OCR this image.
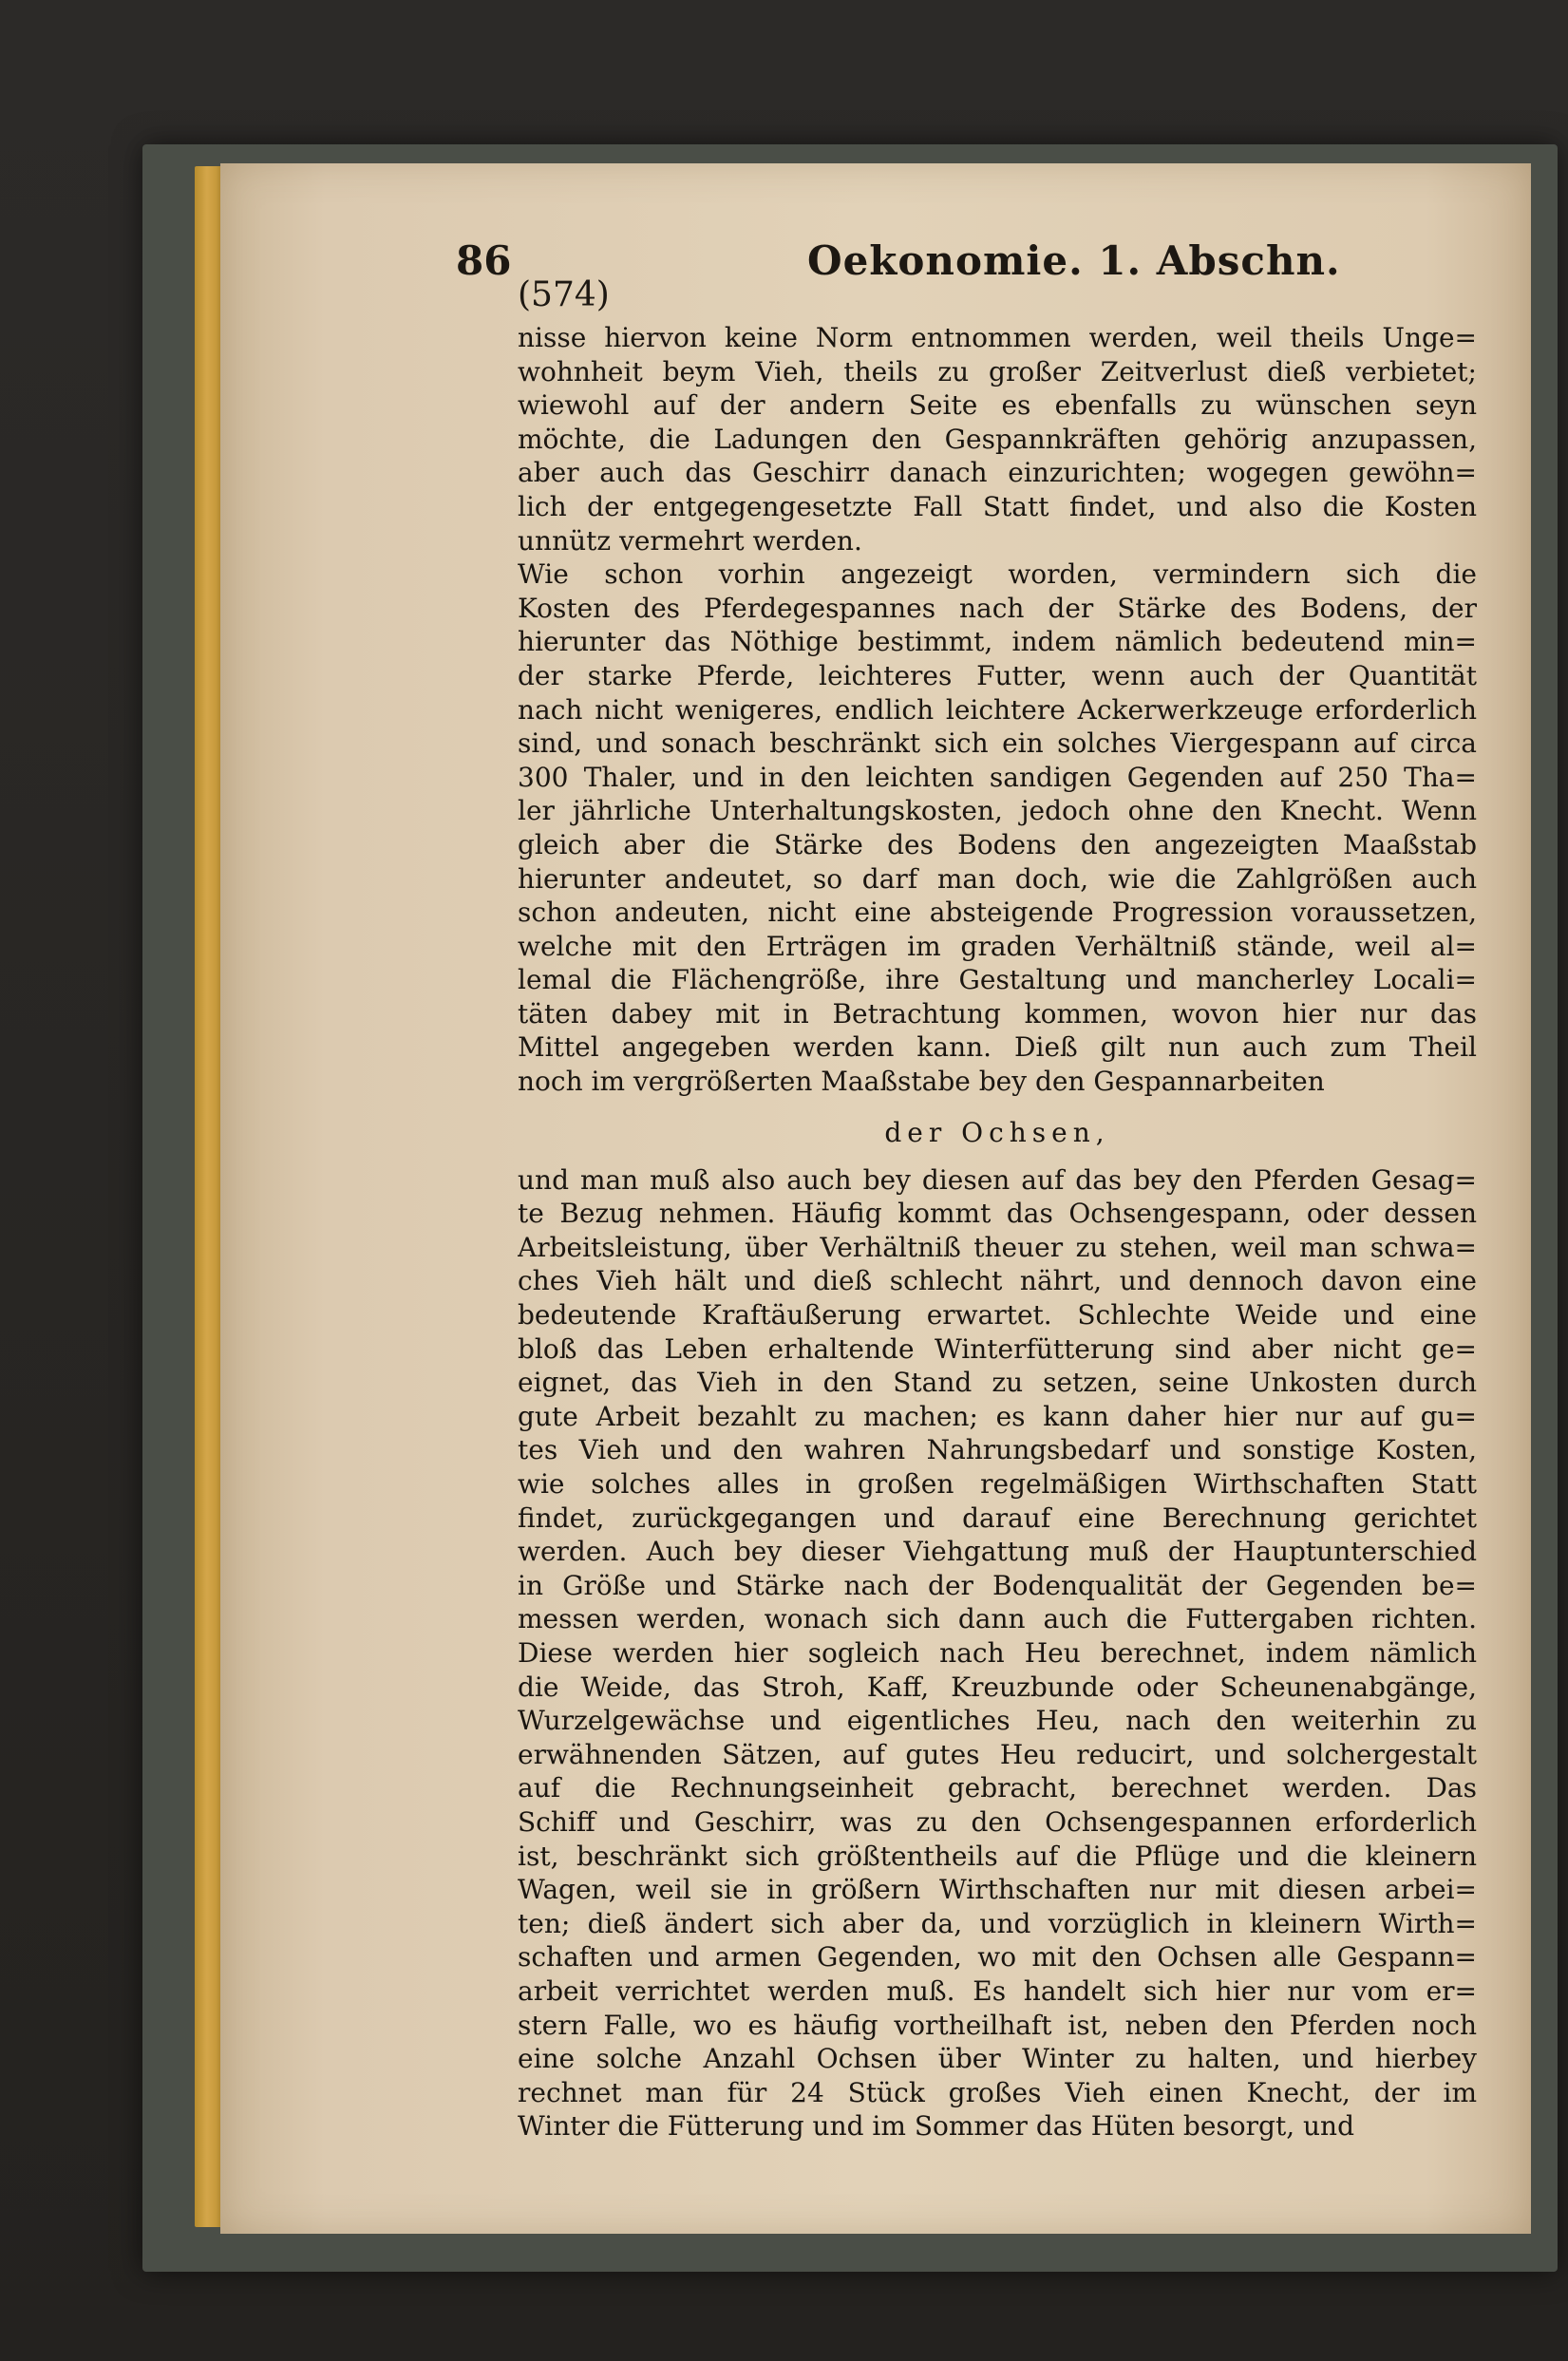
86	Oekonomie. 1. Abschn.
(574)
nisse hiervon keine Norm entnommen werden, weil theils Unge=
wohnheit beym Vieh, theils zu großer Zeitverlust dieß verbietet;
wiewohl auf der andern Seite es ebenfalls zu wünschen seyn
möchte, die Ladungen den Gespannkräften gehörig anzupassen,
aber auch das Geschirr danach einzurichten; wogegen gewöhn=
lich der entgegengesetzte Fall Statt findet, und also die Kosten
unnütz vermehrt werden.
Wie schon vorhin angezeigt worden, vermindern sich die
Kosten des Pferdegespannes nach der Stärke des Bodens, der
hierunter das Nöthige bestimmt, indem nämlich bedeutend min=
der starke Pferde, leichteres Futter, wenn auch der Quantität
nach nicht wenigeres, endlich leichtere Ackerwerkzeuge erforderlich
sind, und sonach beschränkt sich ein solches Viergespann auf circa
300 Thaler, und in den leichten sandigen Gegenden auf 250 Tha=
ler jährliche Unterhaltungskosten, jedoch ohne den Knecht. Wenn
gleich aber die Stärke des Bodens den angezeigten Maaßstab
hierunter andeutet, so darf man doch, wie die Zahlgrößen auch
schon andeuten, nicht eine absteigende Progression voraussetzen,
welche mit den Erträgen im graden Verhältniß stände, weil al=
lemal die Flächengröße, ihre Gestaltung und mancherley Locali=
täten dabey mit in Betrachtung kommen, wovon hier nur das
Mittel angegeben werden kann. Dieß gilt nun auch zum Theil
noch im vergrößerten Maaßstabe bey den Gespannarbeiten
der Ochsen,
und man muß also auch bey diesen auf das bey den Pferden Gesag=
te Bezug nehmen. Häufig kommt das Ochsengespann, oder dessen
Arbeitsleistung, über Verhältniß theuer zu stehen, weil man schwa=
ches Vieh hält und dieß schlecht nährt, und dennoch davon eine
bedeutende Kraftäußerung erwartet. Schlechte Weide und eine
bloß das Leben erhaltende Winterfütterung sind aber nicht ge=
eignet, das Vieh in den Stand zu setzen, seine Unkosten durch
gute Arbeit bezahlt zu machen; es kann daher hier nur auf gu=
tes Vieh und den wahren Nahrungsbedarf und sonstige Kosten,
wie solches alles in großen regelmäßigen Wirthschaften Statt
findet, zurückgegangen und darauf eine Berechnung gerichtet
werden. Auch bey dieser Viehgattung muß der Hauptunterschied
in Größe und Stärke nach der Bodenqualität der Gegenden be=
messen werden, wonach sich dann auch die Futtergaben richten.
Diese werden hier sogleich nach Heu berechnet, indem nämlich
die Weide, das Stroh, Kaff, Kreuzbunde oder Scheunenabgänge,
Wurzelgewächse und eigentliches Heu, nach den weiterhin zu
erwähnenden Sätzen, auf gutes Heu reducirt, und solchergestalt
auf die Rechnungseinheit gebracht, berechnet werden. Das
Schiff und Geschirr, was zu den Ochsengespannen erforderlich
ist, beschränkt sich größtentheils auf die Pflüge und die kleinern
Wagen, weil sie in größern Wirthschaften nur mit diesen arbei=
ten; dieß ändert sich aber da, und vorzüglich in kleinern Wirth=
schaften und armen Gegenden, wo mit den Ochsen alle Gespann=
arbeit verrichtet werden muß. Es handelt sich hier nur vom er=
stern Falle, wo es häufig vortheilhaft ist, neben den Pferden noch
eine solche Anzahl Ochsen über Winter zu halten, und hierbey
rechnet man für 24 Stück großes Vieh einen Knecht, der im
Winter die Fütterung und im Sommer das Hüten besorgt, und
